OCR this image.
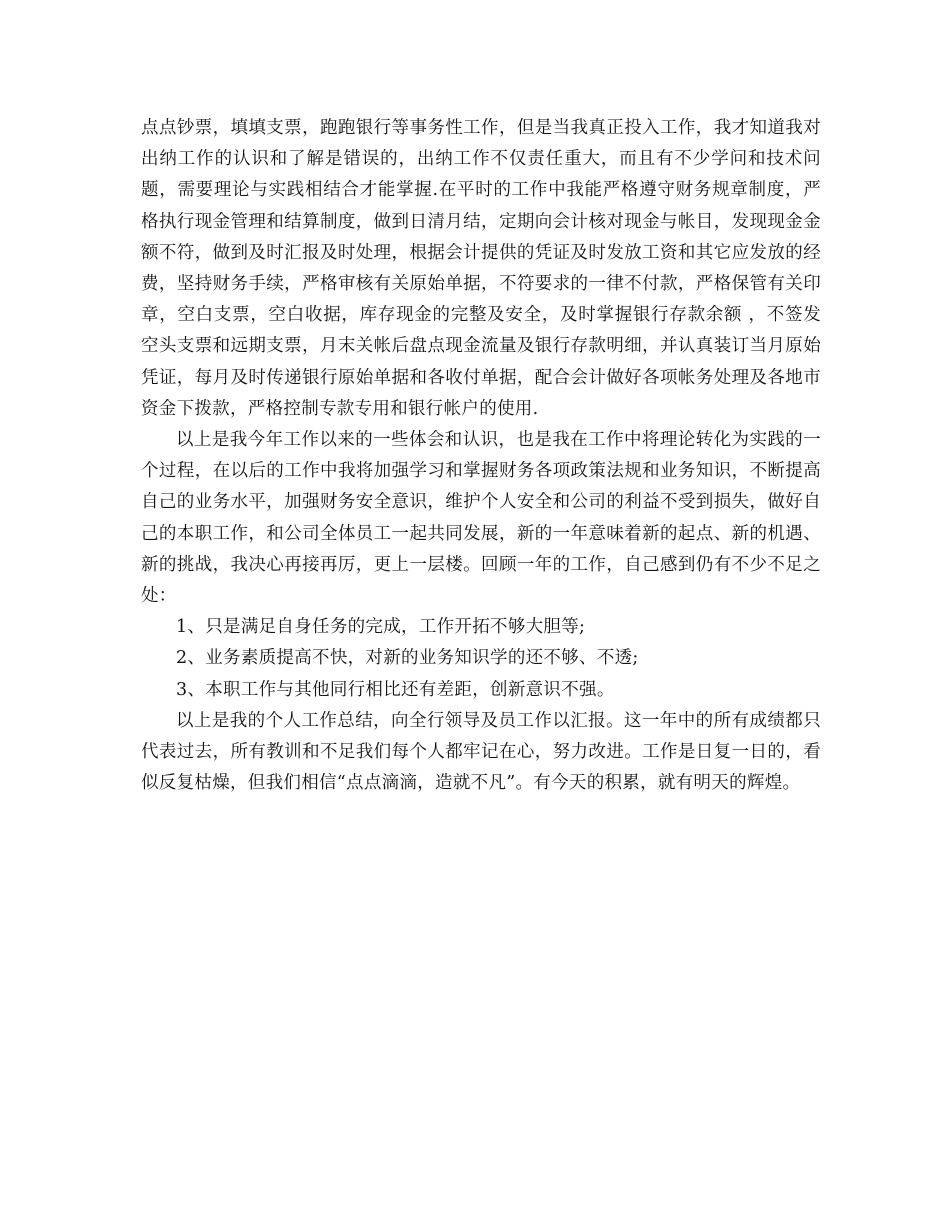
点点钞票，填填支票，跑跑银行等事务性工作，但是当我真正投入工作，我才知道我对出纳工作的认识和了解是错误的，出纳工作不仅责任重大，而且有不少学问和技术问题，需要理论与实践相结合才能掌握.在平时的工作中我能严格遵守财务规章制度，严格执行现金管理和结算制度，做到日清月结，定期向会计核对现金与帐目，发现现金金额不符，做到及时汇报及时处理，根据会计提供的凭证及时发放工资和其它应发放的经费，坚持财务手续，严格审核有关原始单据，不符要求的一律不付款，严格保管有关印章，空白支票，空白收据，库存现金的完整及安全，及时掌握银行存款余额 ，不签发空头支票和远期支票，月末关帐后盘点现金流量及银行存款明细，并认真装订当月原始凭证，每月及时传递银行原始单据和各收付单据，配合会计做好各项帐务处理及各地市资金下拨款，严格控制专款专用和银行帐户的使用.

以上是我今年工作以来的一些体会和认识，也是我在工作中将理论转化为实践的一个过程，在以后的工作中我将加强学习和掌握财务各项政策法规和业务知识，不断提高自己的业务水平，加强财务安全意识，维护个人安全和公司的利益不受到损失，做好自己的本职工作，和公司全体员工一起共同发展，新的一年意味着新的起点、新的机遇、新的挑战，我决心再接再厉，更上一层楼。回顾一年的工作，自己感到仍有不少不足之处：

1、只是满足自身任务的完成，工作开拓不够大胆等;

2、业务素质提高不快，对新的业务知识学的还不够、不透;

3、本职工作与其他同行相比还有差距，创新意识不强。

以上是我的个人工作总结，向全行领导及员工作以汇报。这一年中的所有成绩都只代表过去，所有教训和不足我们每个人都牢记在心，努力改进。工作是日复一日的，看似反复枯燥，但我们相信“点点滴滴，造就不凡”。有今天的积累，就有明天的辉煌。
